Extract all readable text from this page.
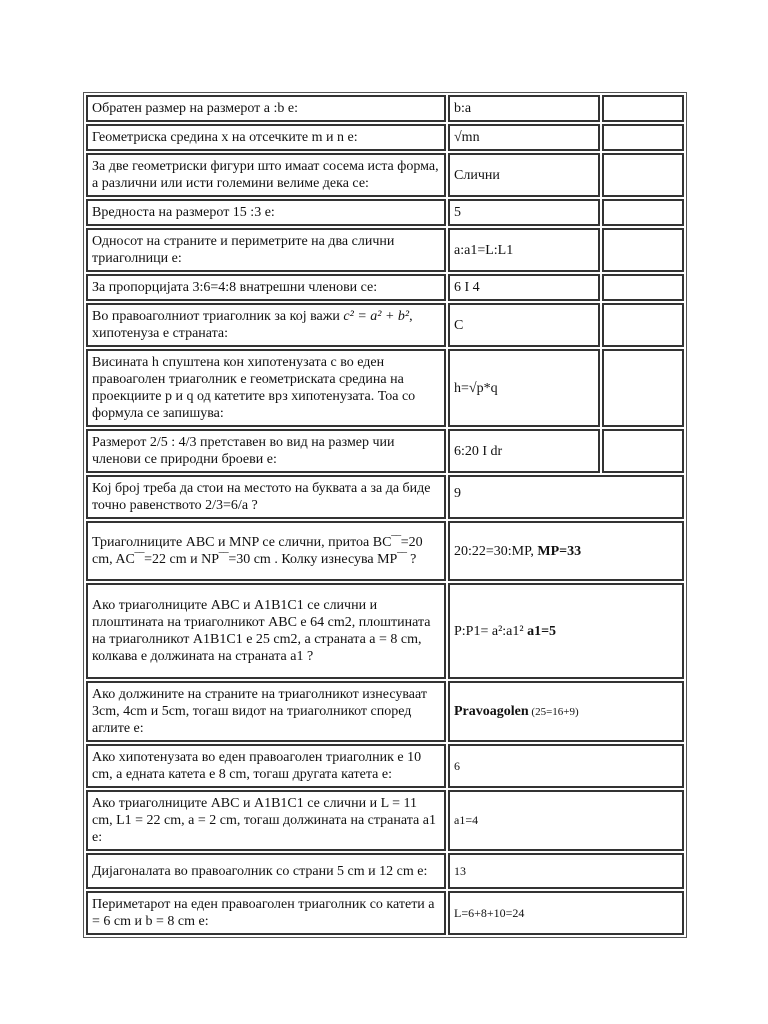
Обратен размер на размерот a :b е:	b:a	
Геометриска средина x на отсечките m и n е:	√mn	
За две геометриски фигури што имаат сосема иста форма, а различни или исти големини велиме дека се:	Слични	
Вредноста на размерот 15 :3 е:	5	
Односот на страните и периметрите на два слични триаголници е:	a:a1=L:L1	
За пропорцијата 3:6=4:8 внатрешни членови се:	6 I 4	
Во правоаголниот триаголник за кој важи c² = a² + b², хипотенуза е страната:	C	
Висината h спуштена кон хипотенузата c во еден правоаголен триаголник е геометриската средина на проекциите p и q од катетите врз хипотенузата. Тоа со формула се запишува:	h=√p*q	
Размерот 2/5 : 4/3 претставен во вид на размер чии членови се природни броеви е:	6:20 I dr	
Кој број треба да стои на местото на буквата a за да биде точно равенството 2/3=6/a ?	9	
Триаголниците ABC и MNP се слични, притоа BC‾‾=20 cm, AC‾‾=22 cm и NP‾‾=30 cm . Колку изнесува MP‾‾ ?	20:22=30:MP, MP=33	
Ако триаголниците ABC и A1B1C1 се слични и плоштината на триаголникот ABC е 64 cm2, плоштината на триаголникот A1B1C1 е 25 cm2, а страната a = 8 cm, колкава е должината на страната a1 ?	P:P1= a²:a1² a1=5	
Ако должините на страните на триаголникот изнесуваат 3cm, 4cm и 5cm, тогаш видот на триаголникот според аглите е:	Pravoagolen (25=16+9)	
Ако хипотенузата во еден правоаголен триаголник е 10 cm, а едната катета е 8 cm, тогаш другата катета е:	6	
Ако триаголниците ABC и A1B1C1 се слични и L = 11 cm, L1 = 22 cm, a = 2 cm, тогаш должината на страната a1 е:	a1=4	
Дијагоналата во правоаголник со страни 5 cm и 12 cm е:	13	
Периметарот на еден правоаголен триаголник со катети a = 6 cm и b = 8 cm е:	L=6+8+10=24	
